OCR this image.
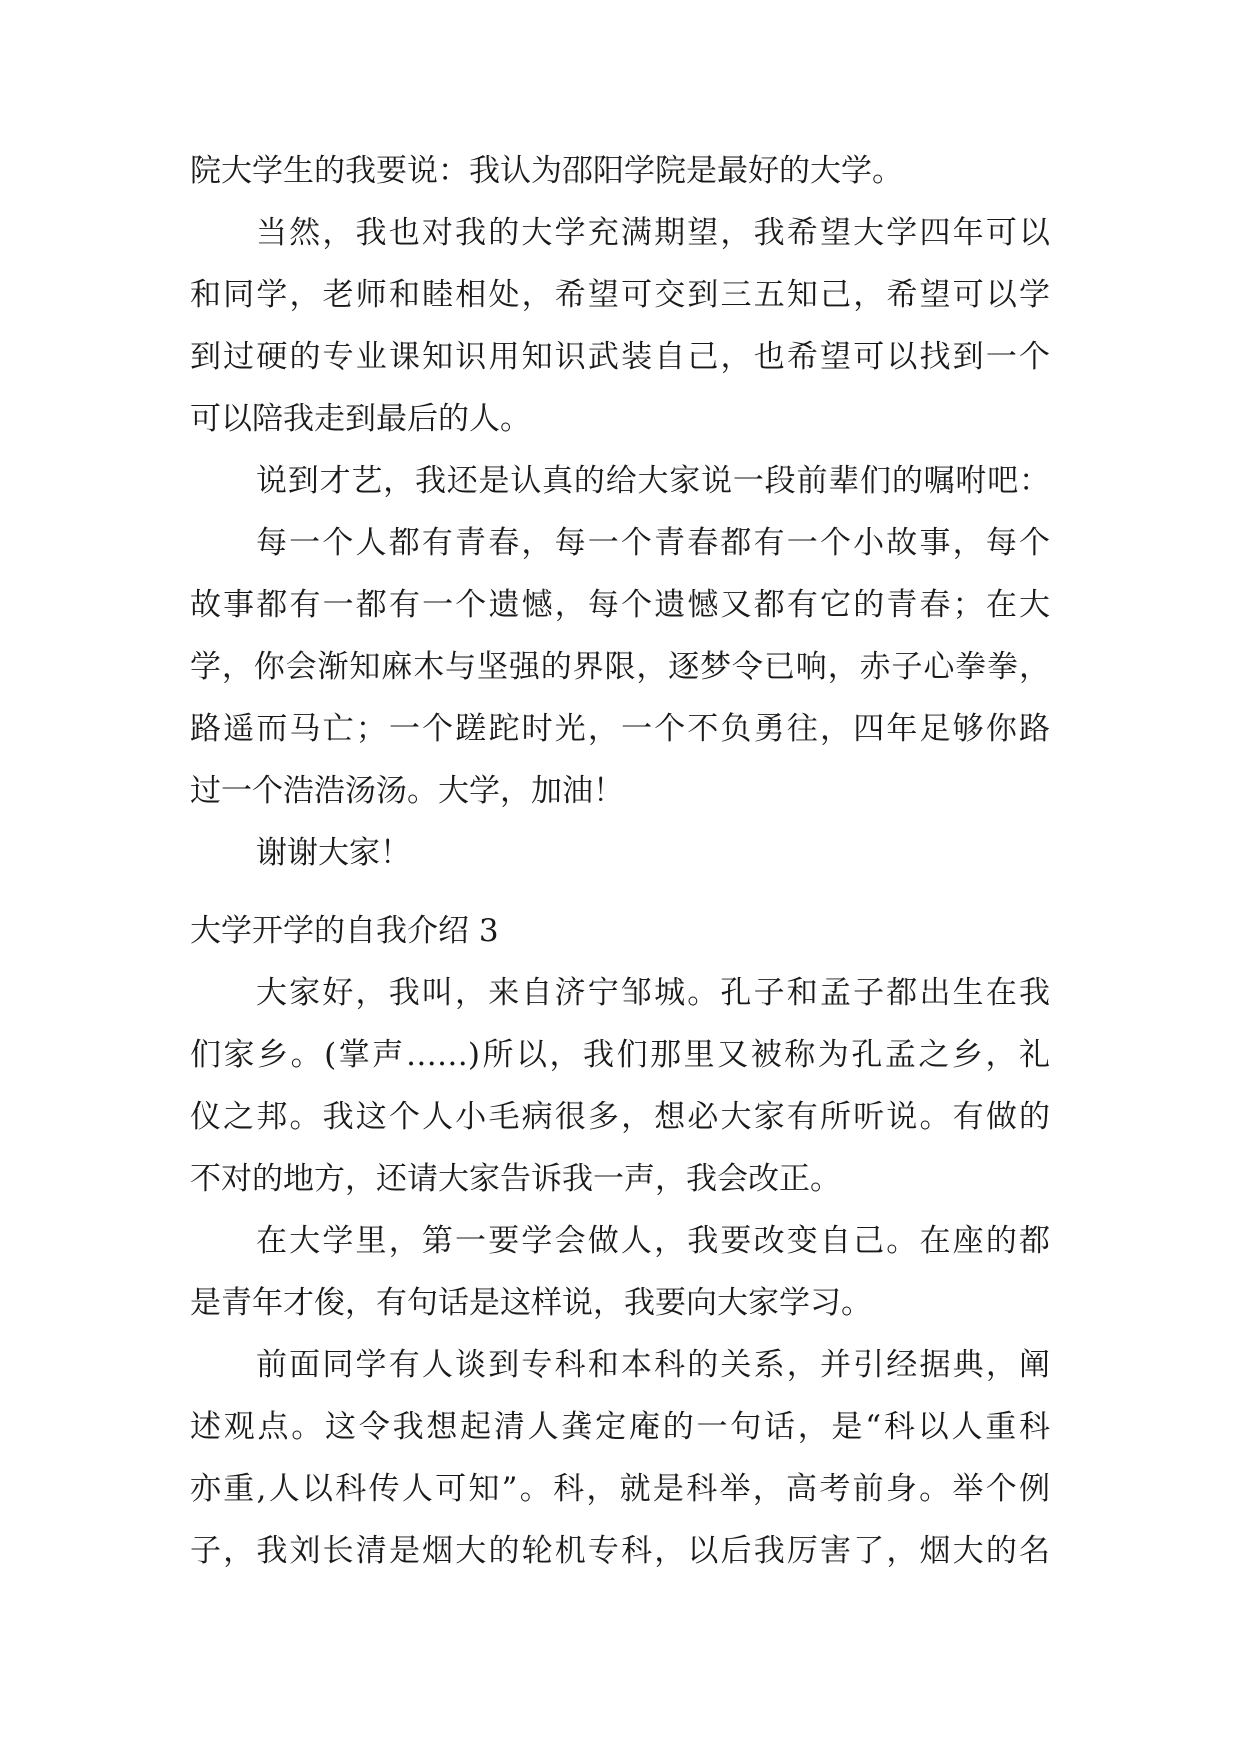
院大学生的我要说：我认为邵阳学院是最好的大学。
当然，我也对我的大学充满期望，我希望大学四年可以
和同学，老师和睦相处，希望可交到三五知己，希望可以学
到过硬的专业课知识用知识武装自己，也希望可以找到一个
可以陪我走到最后的人。
说到才艺，我还是认真的给大家说一段前辈们的嘱咐吧：
每一个人都有青春，每一个青春都有一个小故事，每个
故事都有一都有一个遗憾，每个遗憾又都有它的青春；在大
学，你会渐知麻木与坚强的界限，逐梦令已响，赤子心拳拳，
路遥而马亡；一个蹉跎时光，一个不负勇往，四年足够你路
过一个浩浩汤汤。大学，加油！
谢谢大家！
大学开学的自我介绍 3
大家好，我叫，来自济宁邹城。孔子和孟子都出生在我
们家乡。(掌声……)所以，我们那里又被称为孔孟之乡，礼
仪之邦。我这个人小毛病很多，想必大家有所听说。有做的
不对的地方，还请大家告诉我一声，我会改正。
在大学里，第一要学会做人，我要改变自己。在座的都
是青年才俊，有句话是这样说，我要向大家学习。
前面同学有人谈到专科和本科的关系，并引经据典，阐
述观点。这令我想起清人龚定庵的一句话，是“科以人重科
亦重,人以科传人可知”。科，就是科举，高考前身。举个例
子，我刘长清是烟大的轮机专科，以后我厉害了，烟大的名
